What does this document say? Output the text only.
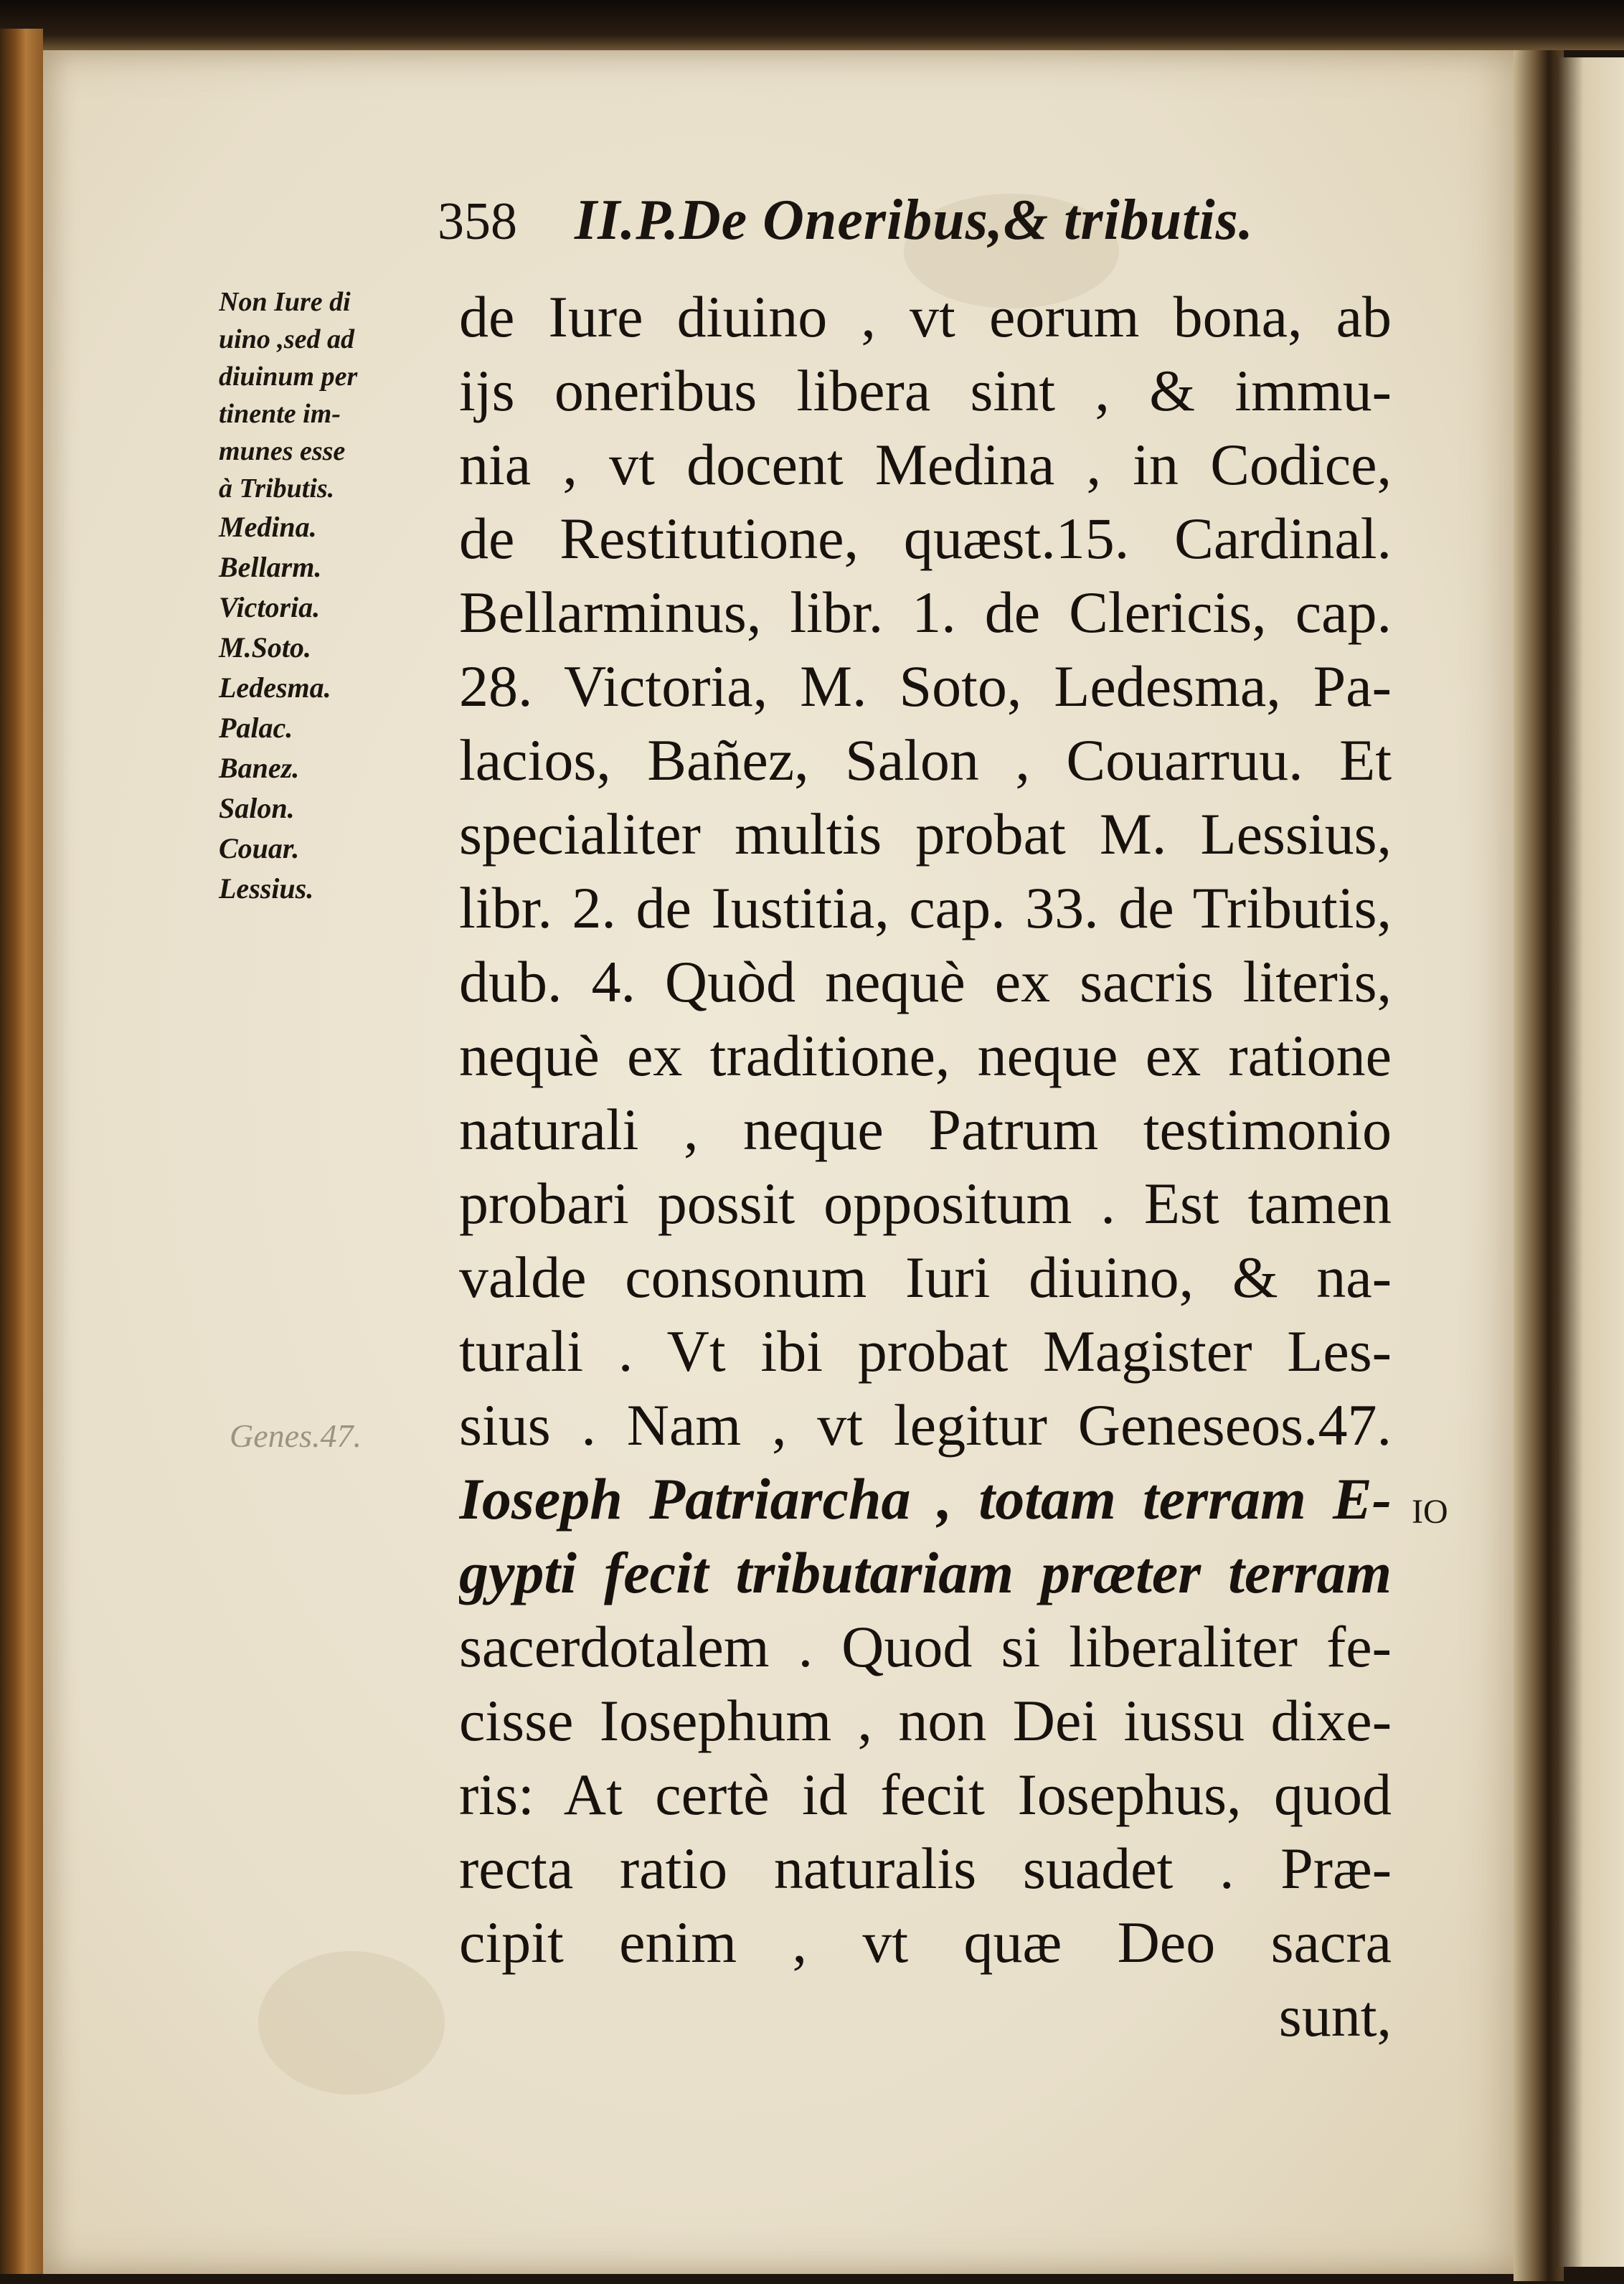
358 II.P.De Oneribus,& tributis.
Non Iure di
uino ,sed ad
diuinum per
tinente im-
munes esse
à Tributis.
Medina.
Bellarm.
Victoria.
M.Soto.
Ledesma.
Palac.
Banez.
Salon.
Couar.
Lessius.
Genes.47.
de Iure diuino , vt eorum bona, ab
ijs oneribus libera sint , & immu-
nia , vt docent Medina , in Codice,
de Restitutione, quæst.15. Cardinal.
Bellarminus, libr. 1. de Clericis, cap.
28. Victoria, M. Soto, Ledesma, Pa-
lacios, Bañez, Salon , Couarruu. Et
specialiter multis probat M. Lessius,
libr. 2. de Iustitia, cap. 33. de Tributis,
dub. 4. Quòd nequè ex sacris literis,
nequè ex traditione, neque ex ratione
naturali , neque Patrum testimonio
probari possit oppositum . Est tamen
valde consonum Iuri diuino, & na-
turali . Vt ibi probat Magister Les-
sius . Nam , vt legitur Geneseos.47.
Ioseph Patriarcha , totam terram E-
gypti fecit tributariam præter terram
sacerdotalem . Quod si liberaliter fe-
cisse Iosephum , non Dei iussu dixe-
ris: At certè id fecit Iosephus, quod
recta ratio naturalis suadet . Præ-
cipit enim , vt quæ Deo sacra
sunt,
IO
